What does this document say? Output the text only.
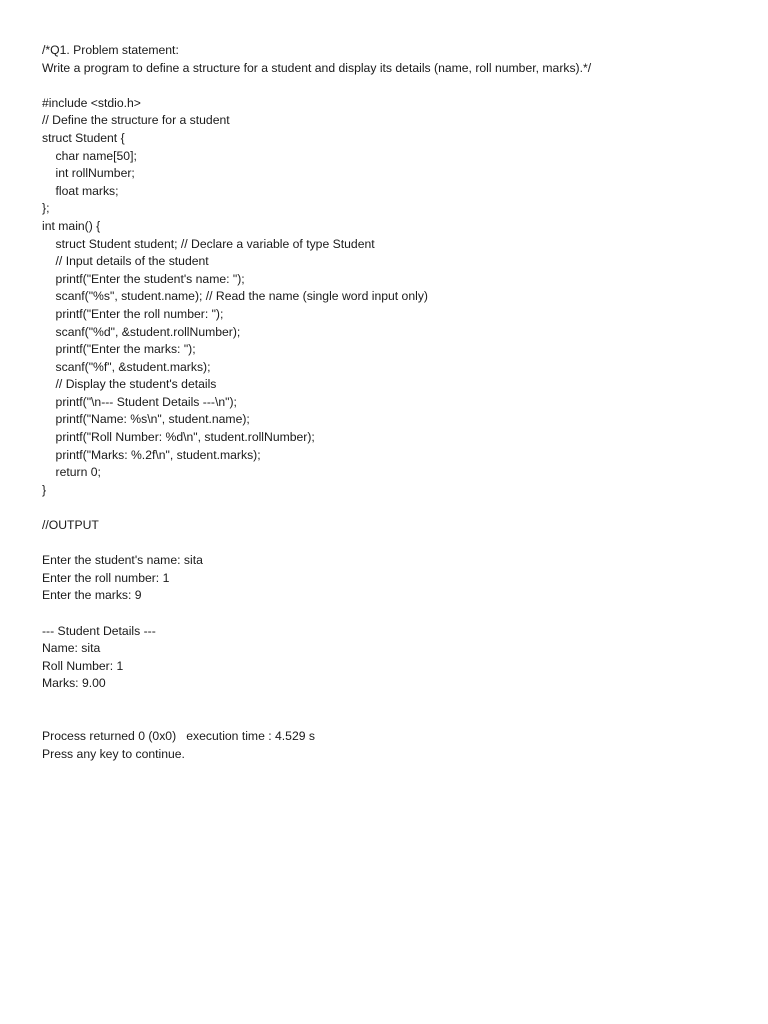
/*Q1. Problem statement:
Write a program to define a structure for a student and display its details (name, roll number, marks).*/
#include <stdio.h>
// Define the structure for a student
struct Student {
char name[50];
int rollNumber;
float marks;
};
int main() {
struct Student student; // Declare a variable of type Student
// Input details of the student
printf("Enter the student's name: ");
scanf("%s", student.name); // Read the name (single word input only)
printf("Enter the roll number: ");
scanf("%d", &student.rollNumber);
printf("Enter the marks: ");
scanf("%f", &student.marks);
// Display the student's details
printf("\n--- Student Details ---\n");
printf("Name: %s\n", student.name);
printf("Roll Number: %d\n", student.rollNumber);
printf("Marks: %.2f\n", student.marks);
return 0;
}
//OUTPUT
Enter the student's name: sita
Enter the roll number: 1
Enter the marks: 9
--- Student Details ---
Name: sita
Roll Number: 1
Marks: 9.00
Process returned 0 (0x0)   execution time : 4.529 s
Press any key to continue.
